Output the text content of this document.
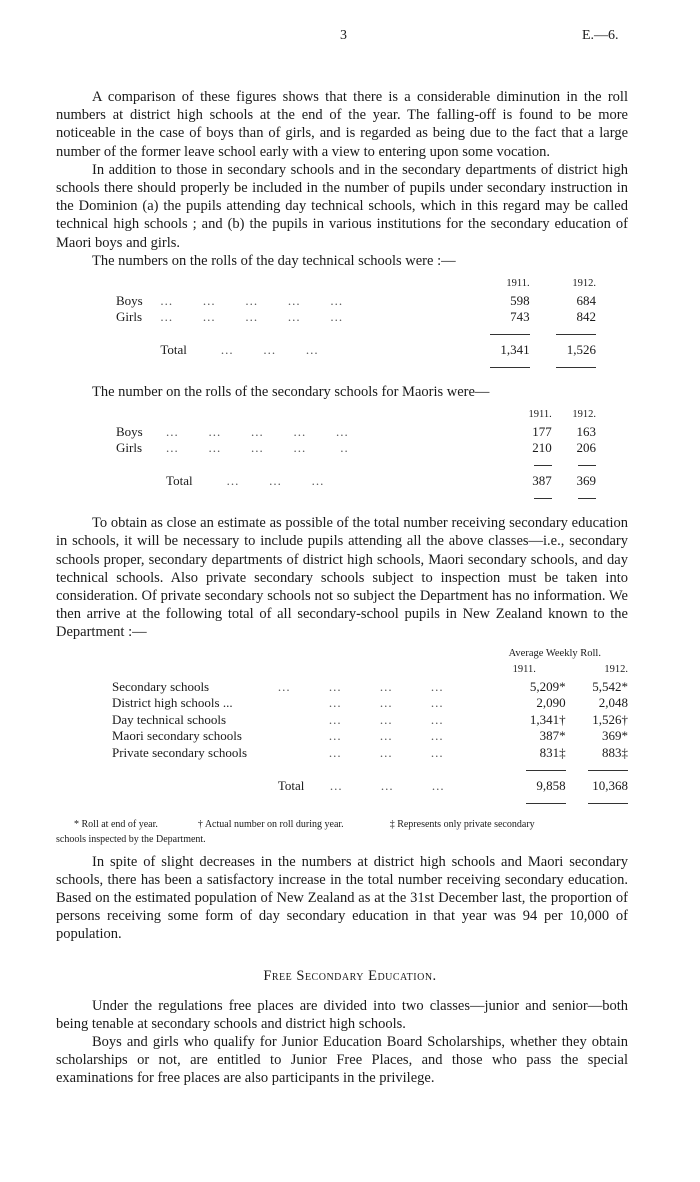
3	E.—6.

A comparison of these figures shows that there is a considerable diminution in the roll numbers at district high schools at the end of the year. The falling-off is found to be more noticeable in the case of boys than of girls, and is regarded as being due to the fact that a large number of the former leave school early with a view to entering upon some vocation.

In addition to those in secondary schools and in the secondary departments of district high schools there should properly be included in the number of pupils under secondary instruction in the Dominion (a) the pupils attending day technical schools, which in this regard may be called technical high schools ; and (b) the pupils in various institutions for the secondary education of Maori boys and girls.

The numbers on the rolls of the day technical schools were :—

		1911.	1912.
Boys	...       ...       ...       ...       ...	598	684
Girls	...       ...       ...       ...       ...	743	842

	Total        ...       ...       ...	1,341	1,526

The number on the rolls of the secondary schools for Maoris were—

		1911.	1912.
Boys	...       ...       ...       ...       ...	177	163
Girls	...       ...       ...       ...        ..	210	206

	Total        ...       ...       ...	387	369

To obtain as close an estimate as possible of the total number receiving secondary education in schools, it will be necessary to include pupils attending all the above classes—i.e., secondary schools proper, secondary departments of district high schools, Maori secondary schools, and day technical schools. Also private secondary schools subject to inspection must be taken into consideration. Of private secondary schools not so subject the Department has no information. We then arrive at the following total of all secondary-school pupils in New Zealand known to the Department :—

		Average Weekly Roll.	
		1911.	1912.
Secondary schools	...         ...         ...         ...	5,209*	5,542*
District high schools ...	...         ...         ...	2,090	2,048
Day technical schools	...         ...         ...	1,341†	1,526†
Maori secondary schools	...         ...         ...	387*	369*
Private secondary schools	...         ...         ...	831‡	883‡

	Total      ...         ...         ...	9,858	10,368

* Roll at end of year.	† Actual number on roll during year.	‡ Represents only private secondary
schools inspected by the Department.

In spite of slight decreases in the numbers at district high schools and Maori secondary schools, there has been a satisfactory increase in the total number receiving secondary education. Based on the estimated population of New Zealand as at the 31st December last, the proportion of persons receiving some form of day secondary education in that year was 94 per 10,000 of population.

Free Secondary Education.

Under the regulations free places are divided into two classes—junior and senior—both being tenable at secondary schools and district high schools.

Boys and girls who qualify for Junior Education Board Scholarships, whether they obtain scholarships or not, are entitled to Junior Free Places, and those who pass the special examinations for free places are also participants in the privilege.
